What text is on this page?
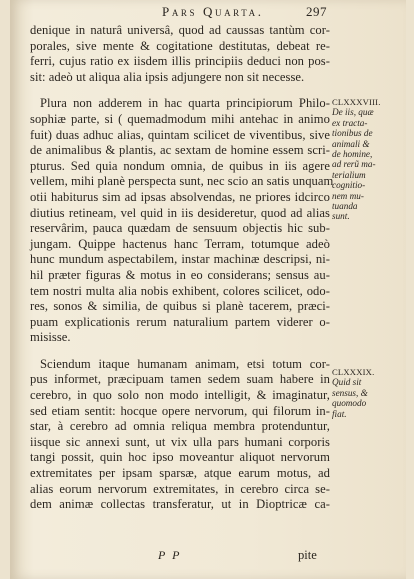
Pars Quarta.	297
denique in naturâ universâ, quod ad caussas tantùm cor-
porales, sive mente & cogitatione destitutas, debeat re-
ferri, cujus ratio ex iisdem illis principiis deduci non pos-
sit: adeò ut aliqua alia ipsis adjungere non sit necesse.
Plura non adderem in hac quarta principiorum Philo-
sophiæ parte, si ( quemadmodum mihi antehac in animo
fuit) duas adhuc alias, quintam scilicet de viventibus, sive
de animalibus & plantis, ac sextam de homine essem scri-
pturus. Sed quia nondum omnia, de quibus in iis agere
vellem, mihi planè perspecta sunt, nec scio an satis unquam
otii habiturus sim ad ipsas absolvendas, ne priores idcirco
diutius retineam, vel quid in iis desideretur, quod ad alias
reservârim, pauca quædam de sensuum objectis hic sub-
jungam. Quippe hactenus hanc Terram, totumque adeò
hunc mundum aspectabilem, instar machinæ descripsi, ni-
hil præter figuras & motus in eo considerans; sensus au-
tem nostri multa alia nobis exhibent, colores scilicet, odo-
res, sonos & similia, de quibus si planè tacerem, præci-
puam explicationis rerum naturalium partem viderer o-
misisse.
Sciendum itaque humanam animam, etsi totum cor-
pus informet, præcipuam tamen sedem suam habere in
cerebro, in quo solo non modo intelligit, & imaginatur,
sed etiam sentit: hocque opere nervorum, qui filorum in-
star, à cerebro ad omnia reliqua membra protenduntur,
iisque sic annexi sunt, ut vix ulla pars humani corporis
tangi possit, quin hoc ipso moveantur aliquot nervorum
extremitates per ipsam sparsæ, atque earum motus, ad
alias eorum nervorum extremitates, in cerebro circa se-
dem animæ collectas transferatur, ut in Dioptricæ ca-
CLXXXVIII.
De iis, quæ
ex tracta-
tionibus de
animali &
de homine,
ad rerũ ma-
terialium
cognitio-
nem mu-
tuanda
sunt.
CLXXXIX.
Quid sit
sensus, &
quomodo
fiat.
P P	pite
